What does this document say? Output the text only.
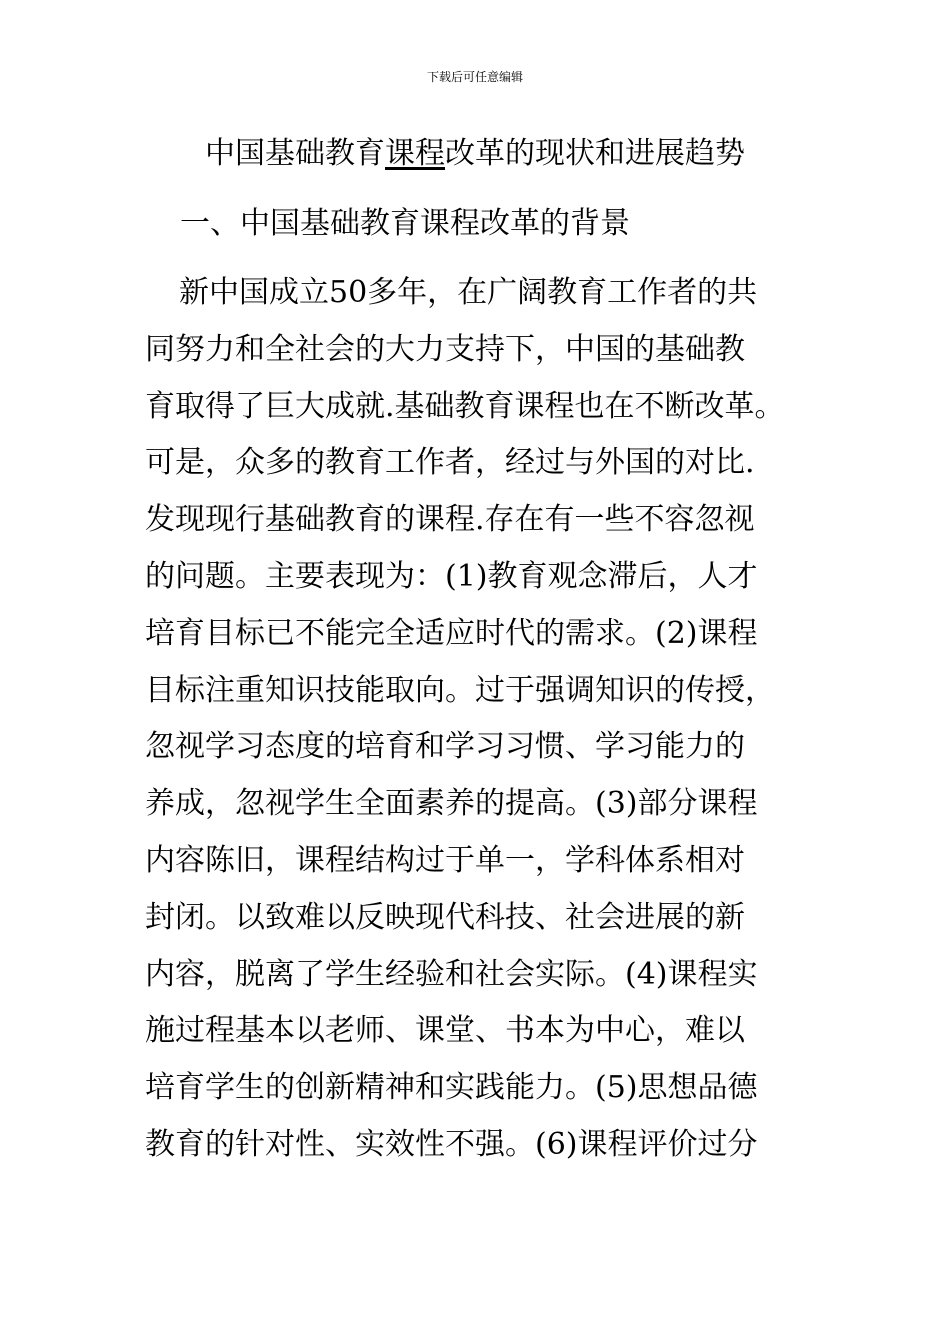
下载后可任意编辑
中国基础教育课程改革的现状和进展趋势
一、中国基础教育课程改革的背景
新中国成立50多年，在广阔教育工作者的共
同努力和全社会的大力支持下，中国的基础教
育取得了巨大成就.基础教育课程也在不断改革。
可是，众多的教育工作者，经过与外国的对比.
发现现行基础教育的课程.存在有一些不容忽视
的问题。主要表现为：(1)教育观念滞后，人才
培育目标已不能完全适应时代的需求。(2)课程
目标注重知识技能取向。过于强调知识的传授，
忽视学习态度的培育和学习习惯、学习能力的
养成，忽视学生全面素养的提高。(3)部分课程
内容陈旧，课程结构过于单一，学科体系相对
封闭。以致难以反映现代科技、社会进展的新
内容，脱离了学生经验和社会实际。(4)课程实
施过程基本以老师、课堂、书本为中心，难以
培育学生的创新精神和实践能力。(5)思想品德
教育的针对性、实效性不强。(6)课程评价过分
